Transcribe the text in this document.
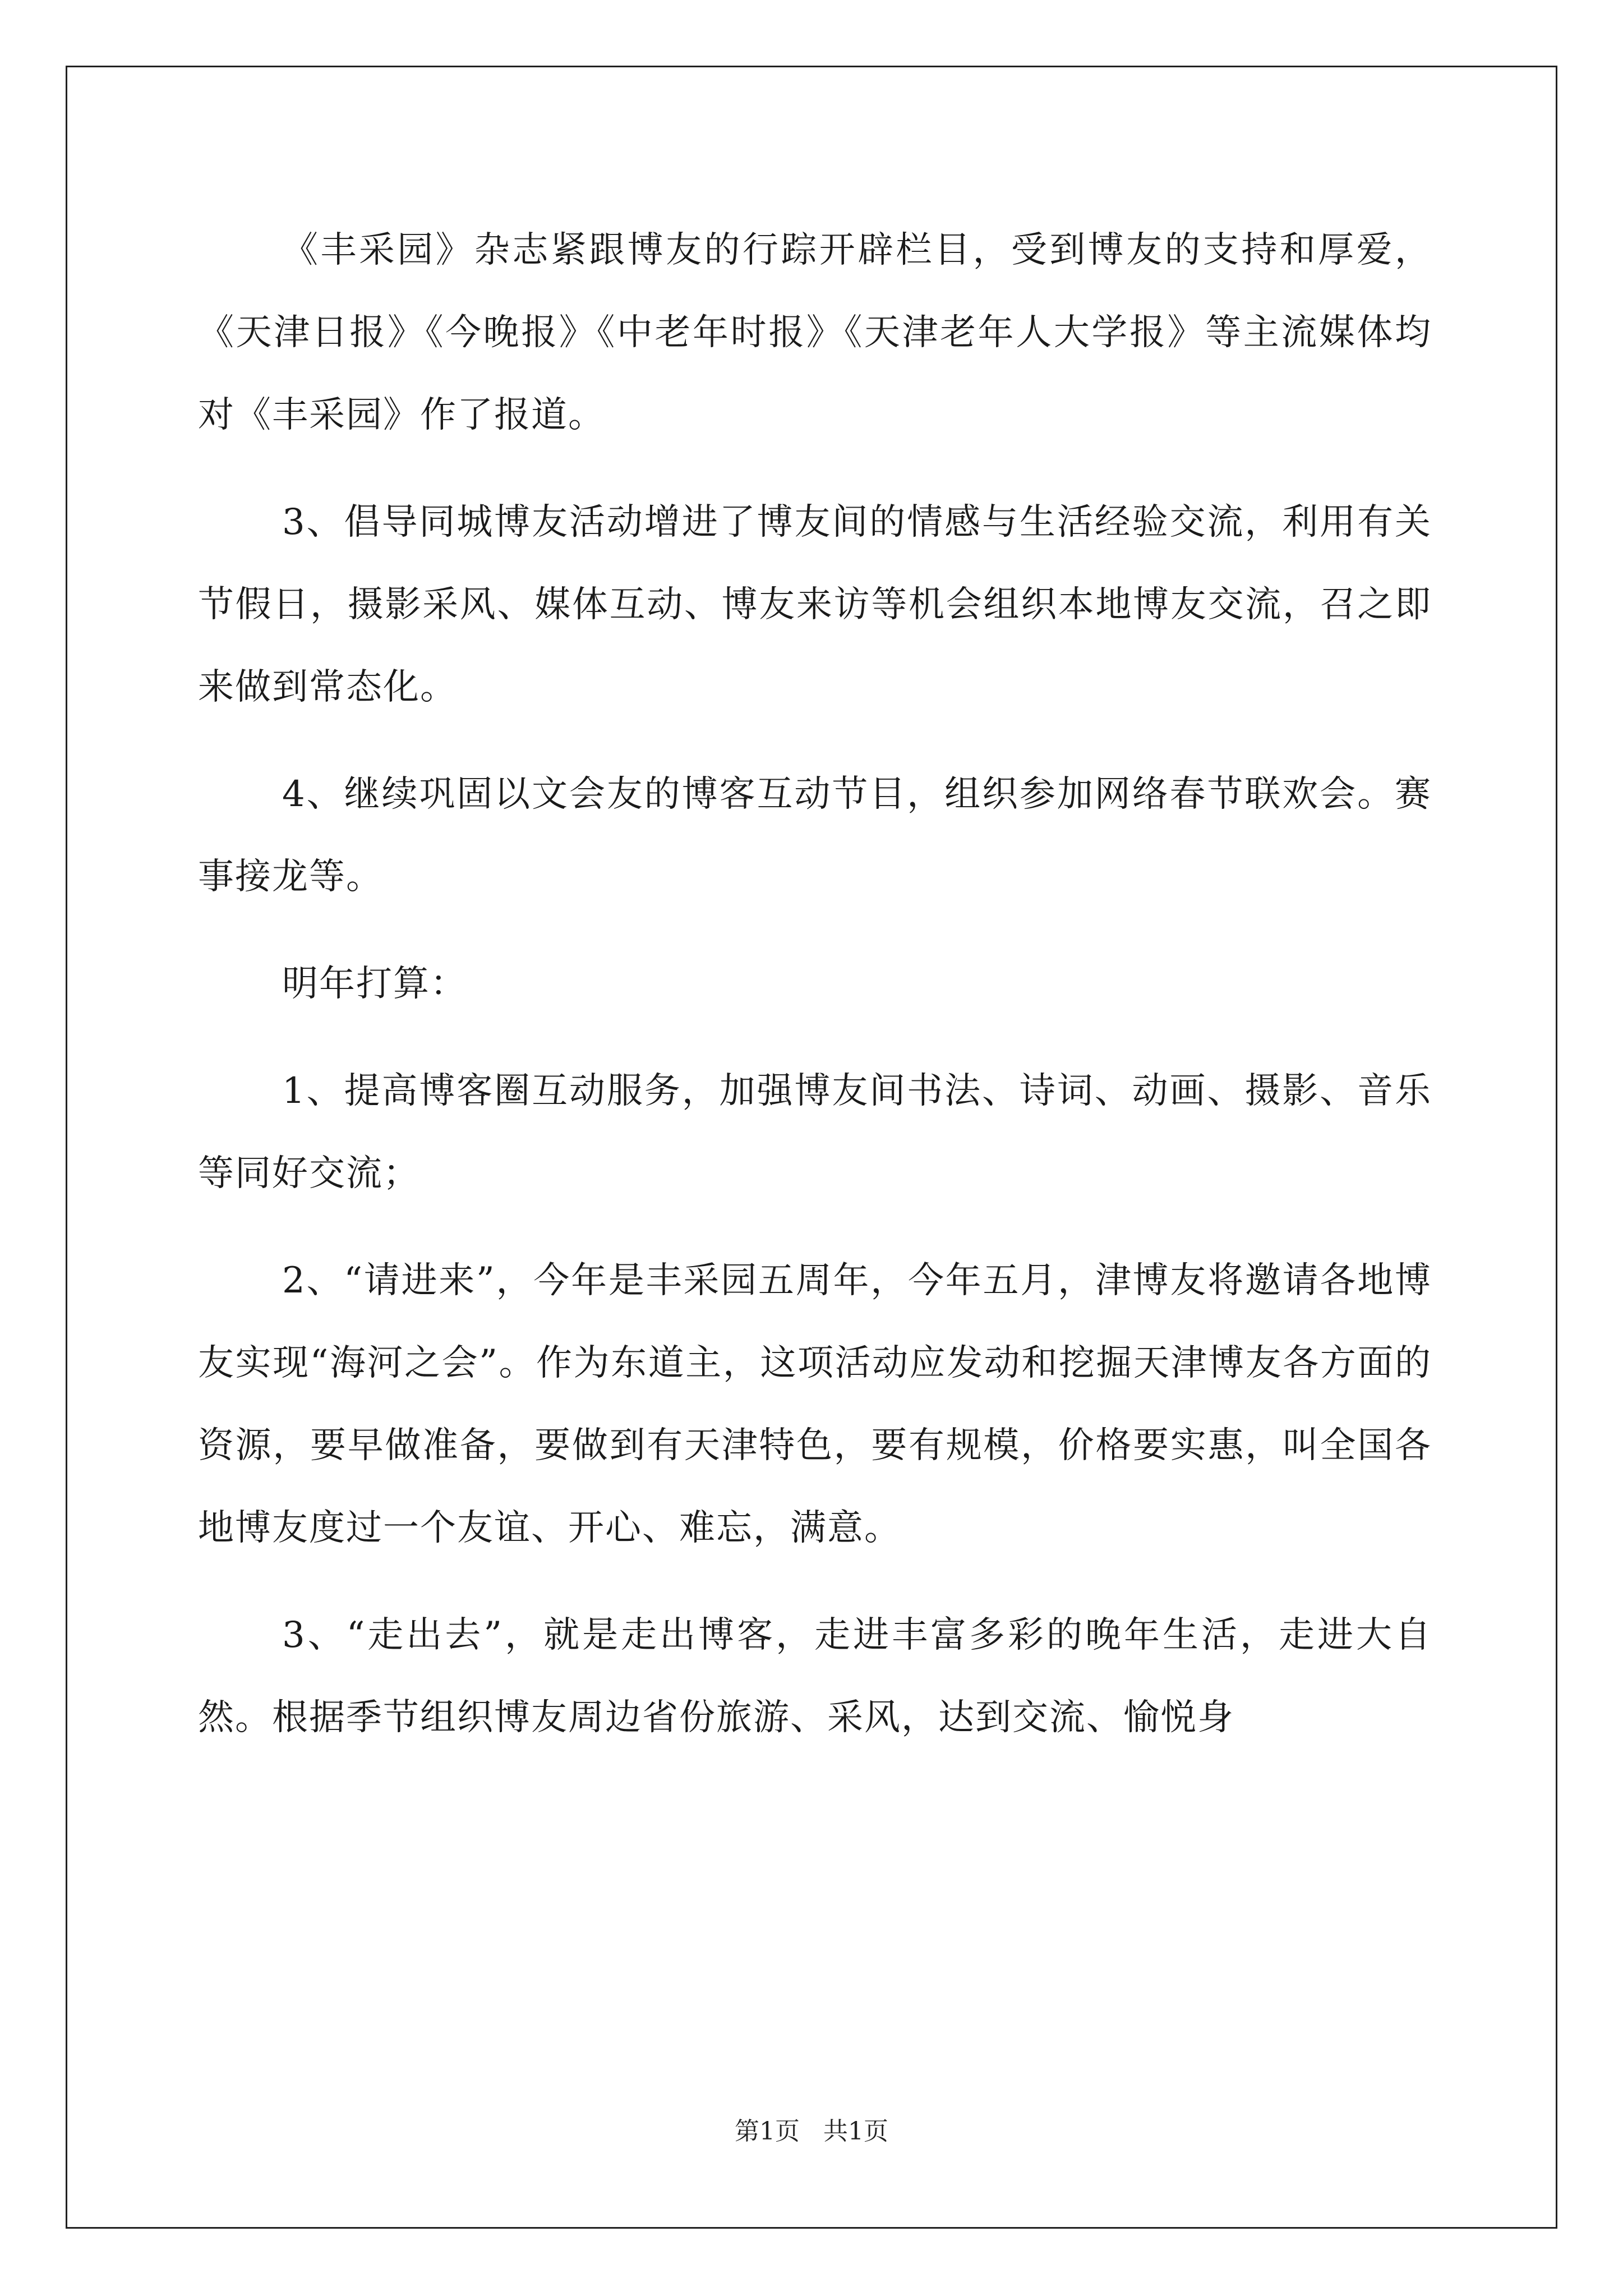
《丰采园》杂志紧跟博友的行踪开辟栏目，受到博友的支持和厚爱，《天津日报》《今晚报》《中老年时报》《天津老年人大学报》等主流媒体均对《丰采园》作了报道。

3、倡导同城博友活动增进了博友间的情感与生活经验交流，利用有关节假日，摄影采风、媒体互动、博友来访等机会组织本地博友交流，召之即来做到常态化。

4、继续巩固以文会友的博客互动节目，组织参加网络春节联欢会。赛事接龙等。

明年打算：

1、提高博客圈互动服务，加强博友间书法、诗词、动画、摄影、音乐等同好交流；

2、“请进来”，今年是丰采园五周年，今年五月，津博友将邀请各地博友实现“海河之会”。作为东道主，这项活动应发动和挖掘天津博友各方面的资源，要早做准备，要做到有天津特色，要有规模，价格要实惠，叫全国各地博友度过一个友谊、开心、难忘，满意。

3、“走出去”，就是走出博客，走进丰富多彩的晚年生活，走进大自然。根据季节组织博友周边省份旅游、采风，达到交流、愉悦身

第1页   共1页
